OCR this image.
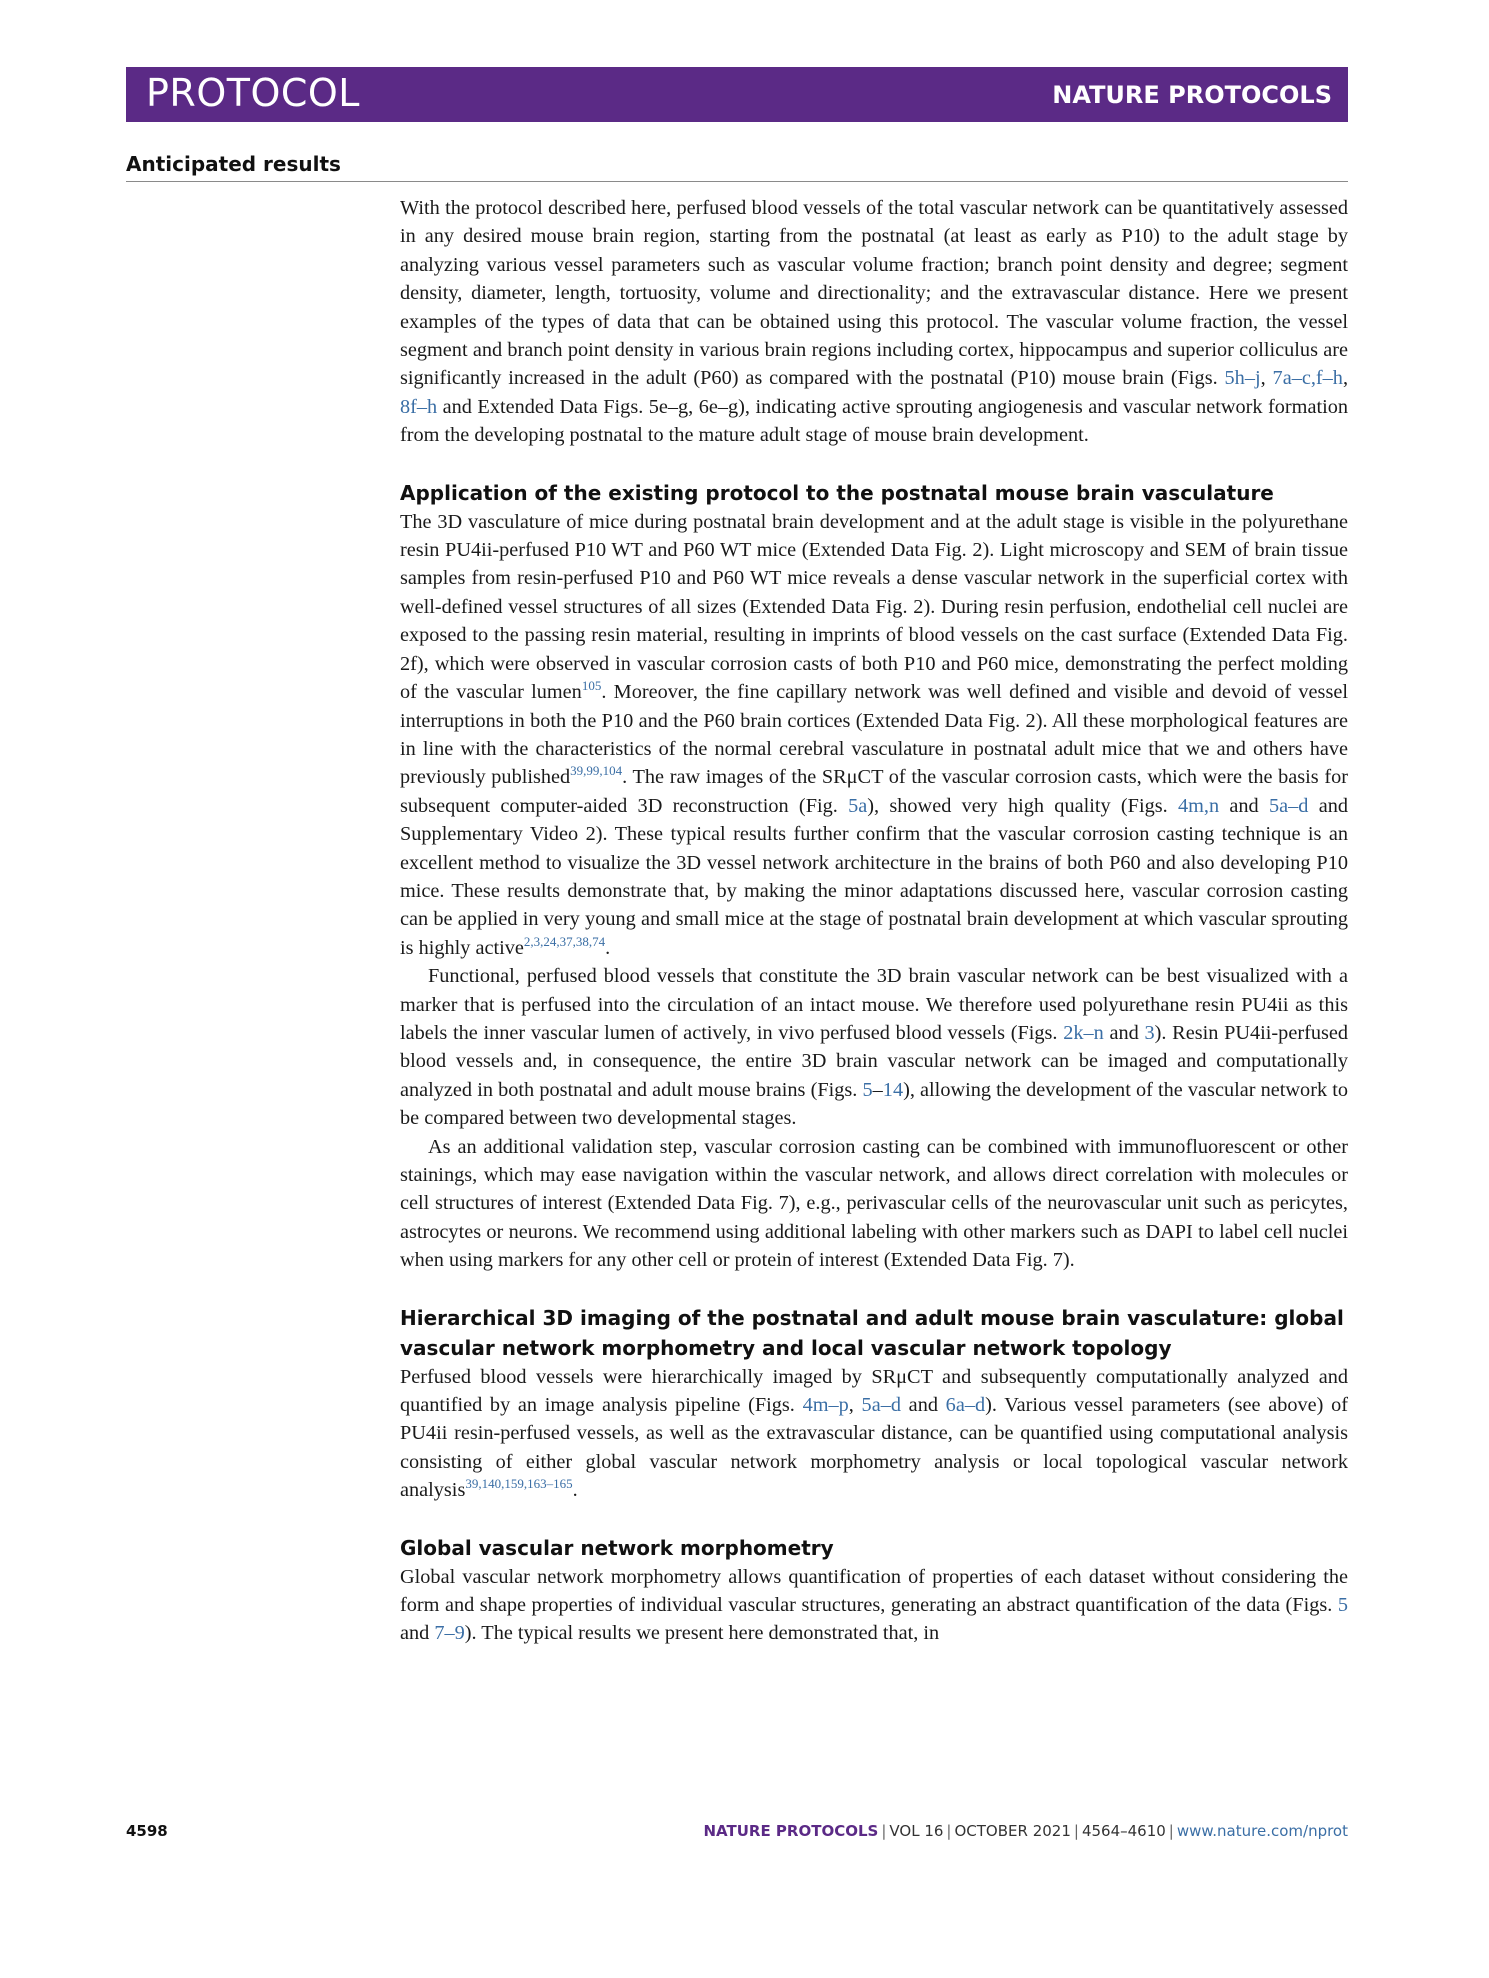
PROTOCOL	NATURE PROTOCOLS
Anticipated results

With the protocol described here, perfused blood vessels of the total vascular network can be quantitatively assessed in any desired mouse brain region, starting from the postnatal (at least as early as P10) to the adult stage by analyzing various vessel parameters such as vascular volume fraction; branch point density and degree; segment density, diameter, length, tortuosity, volume and directionality; and the extravascular distance. Here we present examples of the types of data that can be obtained using this protocol. The vascular volume fraction, the vessel segment and branch point density in various brain regions including cortex, hippocampus and superior colliculus are significantly increased in the adult (P60) as compared with the postnatal (P10) mouse brain (Figs. 5h–j, 7a–c,f–h, 8f–h and Extended Data Figs. 5e–g, 6e–g), indicating active sprouting angiogenesis and vascular network formation from the developing postnatal to the mature adult stage of mouse brain development.

Application of the existing protocol to the postnatal mouse brain vasculature

The 3D vasculature of mice during postnatal brain development and at the adult stage is visible in the polyurethane resin PU4ii-perfused P10 WT and P60 WT mice (Extended Data Fig. 2). Light microscopy and SEM of brain tissue samples from resin-perfused P10 and P60 WT mice reveals a dense vascular network in the superficial cortex with well-defined vessel structures of all sizes (Extended Data Fig. 2). During resin perfusion, endothelial cell nuclei are exposed to the passing resin material, resulting in imprints of blood vessels on the cast surface (Extended Data Fig. 2f), which were observed in vascular corrosion casts of both P10 and P60 mice, demonstrating the perfect molding of the vascular lumen$^{105}$. Moreover, the fine capillary network was well defined and visible and devoid of vessel interruptions in both the P10 and the P60 brain cortices (Extended Data Fig. 2). All these morphological features are in line with the characteristics of the normal cerebral vasculature in postnatal adult mice that we and others have previously published$^{39,99,104}$. The raw images of the SRμCT of the vascular corrosion casts, which were the basis for subsequent computer-aided 3D reconstruction (Fig. 5a), showed very high quality (Figs. 4m,n and 5a–d and Supplementary Video 2). These typical results further confirm that the vascular corrosion casting technique is an excellent method to visualize the 3D vessel network architecture in the brains of both P60 and also developing P10 mice. These results demonstrate that, by making the minor adaptations discussed here, vascular corrosion casting can be applied in very young and small mice at the stage of postnatal brain development at which vascular sprouting is highly active$^{2,3,24,37,38,74}$.

Functional, perfused blood vessels that constitute the 3D brain vascular network can be best visualized with a marker that is perfused into the circulation of an intact mouse. We therefore used polyurethane resin PU4ii as this labels the inner vascular lumen of actively, in vivo perfused blood vessels (Figs. 2k–n and 3). Resin PU4ii-perfused blood vessels and, in consequence, the entire 3D brain vascular network can be imaged and computationally analyzed in both postnatal and adult mouse brains (Figs. 5–14), allowing the development of the vascular network to be compared between two developmental stages.

As an additional validation step, vascular corrosion casting can be combined with immunofluorescent or other stainings, which may ease navigation within the vascular network, and allows direct correlation with molecules or cell structures of interest (Extended Data Fig. 7), e.g., perivascular cells of the neurovascular unit such as pericytes, astrocytes or neurons. We recommend using additional labeling with other markers such as DAPI to label cell nuclei when using markers for any other cell or protein of interest (Extended Data Fig. 7).

Hierarchical 3D imaging of the postnatal and adult mouse brain vasculature: global vascular network morphometry and local vascular network topology

Perfused blood vessels were hierarchically imaged by SRμCT and subsequently computationally analyzed and quantified by an image analysis pipeline (Figs. 4m–p, 5a–d and 6a–d). Various vessel parameters (see above) of PU4ii resin-perfused vessels, as well as the extravascular distance, can be quantified using computational analysis consisting of either global vascular network morphometry analysis or local topological vascular network analysis$^{39,140,159,163-165}$.

Global vascular network morphometry

Global vascular network morphometry allows quantification of properties of each dataset without considering the form and shape properties of individual vascular structures, generating an abstract quantification of the data (Figs. 5 and 7–9). The typical results we present here demonstrated that, in

4598	NATURE PROTOCOLS | VOL 16 | OCTOBER 2021 | 4564–4610 | www.nature.com/nprot
